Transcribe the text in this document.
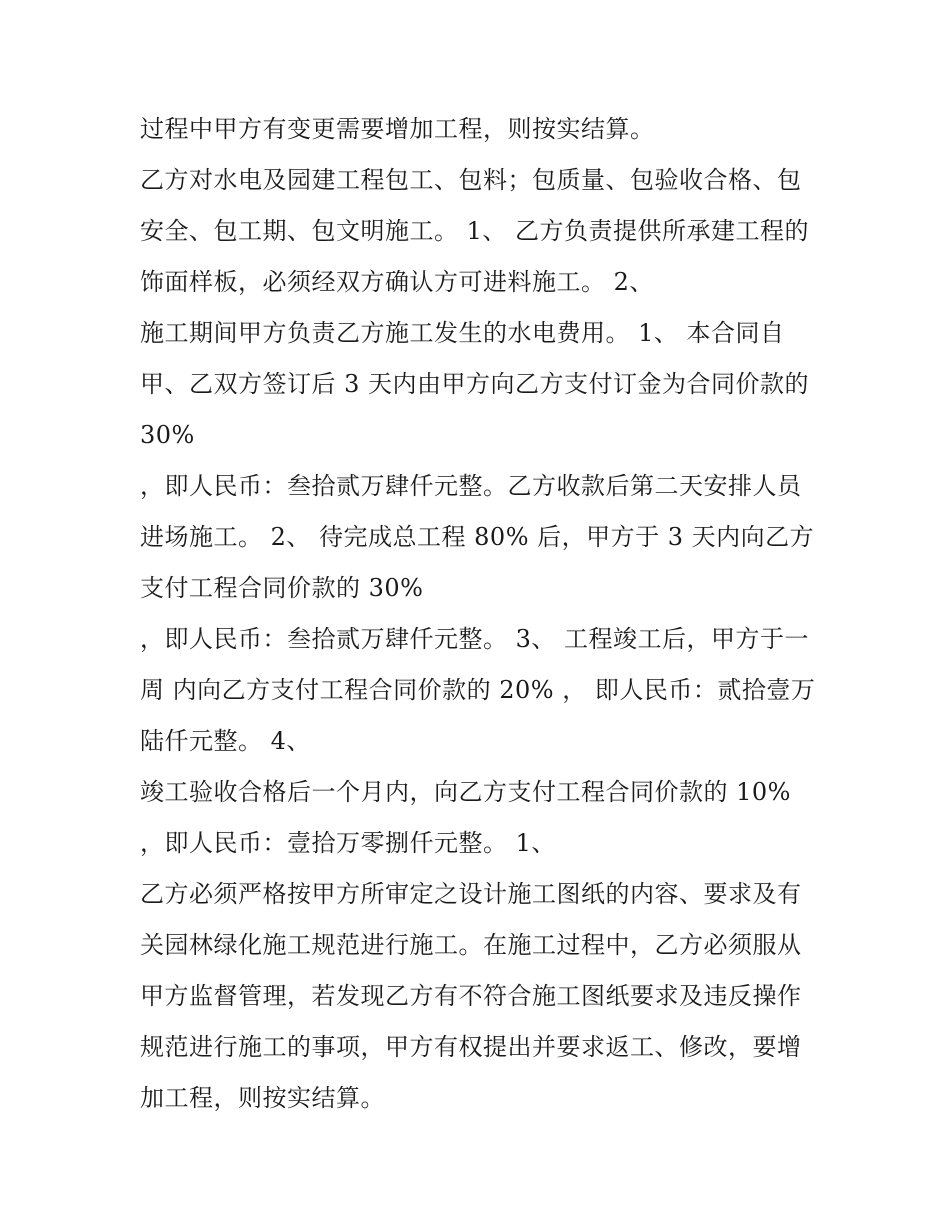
过程中甲方有变更需要增加工程，则按实结算。
乙方对水电及园建工程包工、包料；包质量、包验收合格、包
安全、包工期、包文明施工。 1、 乙方负责提供所承建工程的
饰面样板，必须经双方确认方可进料施工。 2、
施工期间甲方负责乙方施工发生的水电费用。 1、 本合同自
甲、乙双方签订后 3 天内由甲方向乙方支付订金为合同价款的
30%
，即人民币：叁拾贰万肆仟元整。乙方收款后第二天安排人员
进场施工。 2、 待完成总工程 80% 后，甲方于 3 天内向乙方
支付工程合同价款的 30%
，即人民币：叁拾贰万肆仟元整。 3、 工程竣工后，甲方于一
周 内向乙方支付工程合同价款的 20% ， 即人民币：贰拾壹万
陆仟元整。 4、
竣工验收合格后一个月内，向乙方支付工程合同价款的 10%
，即人民币：壹拾万零捌仟元整。 1、
乙方必须严格按甲方所审定之设计施工图纸的内容、要求及有
关园林绿化施工规范进行施工。在施工过程中，乙方必须服从
甲方监督管理，若发现乙方有不符合施工图纸要求及违反操作
规范进行施工的事项，甲方有权提出并要求返工、修改，要增
加工程，则按实结算。
